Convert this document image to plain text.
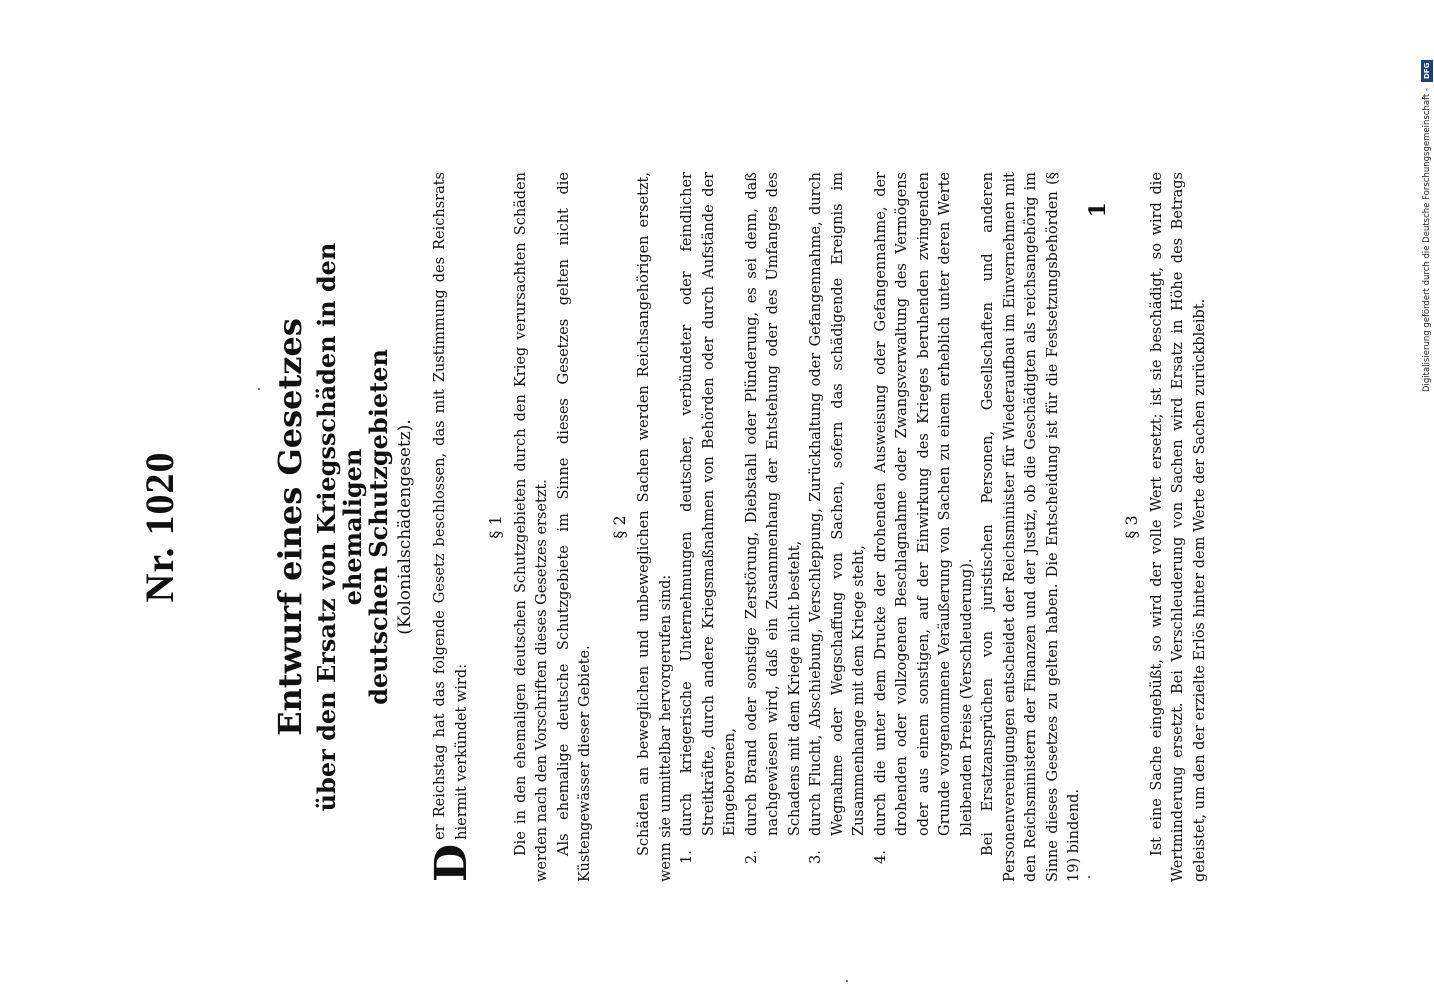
Nr. 1020	Entwurf eines Gesetzes über den Ersatz von Kriegsschäden in den ehemaligen
deutschen Schutzgebieten (Kolonialschädengesetz).

D
er Reichstag hat das folgende Gesetz beschlossen, das mit Zustimmung des Reichsrats hiermit verkündet wird:

§ 1 Die in den ehemaligen deutschen Schutzgebieten durch den Krieg verursachten Schäden werden nach den Vorschriften dieses Gesetzes ersetzt. Als ehemalige deutsche Schutzgebiete im Sinne dieses Gesetzes gelten nicht die Küstengewässer dieser Gebiete.

§ 2 Schäden an beweglichen und unbeweglichen Sachen werden Reichsangehörigen ersetzt, wenn sie unmittelbar hervorgerufen sind: 1.
durch kriegerische Unternehmungen deutscher, verbündeter oder feindlicher Streitkräfte, durch andere Kriegsmaßnahmen von Behörden oder durch Aufstände der Eingeborenen,
2.
durch Brand oder sonstige Zerstörung, Diebstahl oder Plünderung, es sei denn, daß nachgewiesen wird, daß ein Zusammenhang der Entstehung oder des Umfanges des Schadens mit dem Kriege nicht besteht,
3.
durch Flucht, Abschiebung, Verschleppung, Zurückhaltung oder Gefangennahme, durch Wegnahme oder Wegschaffung von Sachen, sofern das schädigende Ereignis im Zusammenhange mit dem Kriege steht,
4.
durch die unter dem Drucke der drohenden Ausweisung oder Gefangennahme, der drohenden oder vollzogenen Beschlagnahme oder Zwangsverwaltung des Vermögens oder aus einem sonstigen, auf der Einwirkung des Krieges beruhenden zwingenden Grunde vorgenommene Veräußerung von Sachen zu einem erheblich unter deren Werte bleibenden Preise (Verschleuderung). Bei Ersatzansprüchen von juristischen Personen, Gesellschaften und anderen Personenvereinigungen entscheidet der Reichsminister für Wiederaufbau im Einvernehmen mit den Reichsministern der Finanzen und der Justiz, ob die Geschädigten als reichsangehörig im Sinne dieses Gesetzes zu gelten haben. Die Entscheidung ist für die Festsetzungsbehörden (§ 19) bindend.

1
§ 3 Ist eine Sache eingebüßt, so wird der volle Wert ersetzt; ist sie beschädigt, so wird die Wertminderung ersetzt. Bei Verschleuderung von Sachen wird Ersatz in Höhe des Betrags geleistet, um den der erzielte Erlös hinter dem Werte der Sachen zurückbleibt.

Digitalisierung gefördert durch die Deutsche Forschungsgemeinschaft -
DFG
